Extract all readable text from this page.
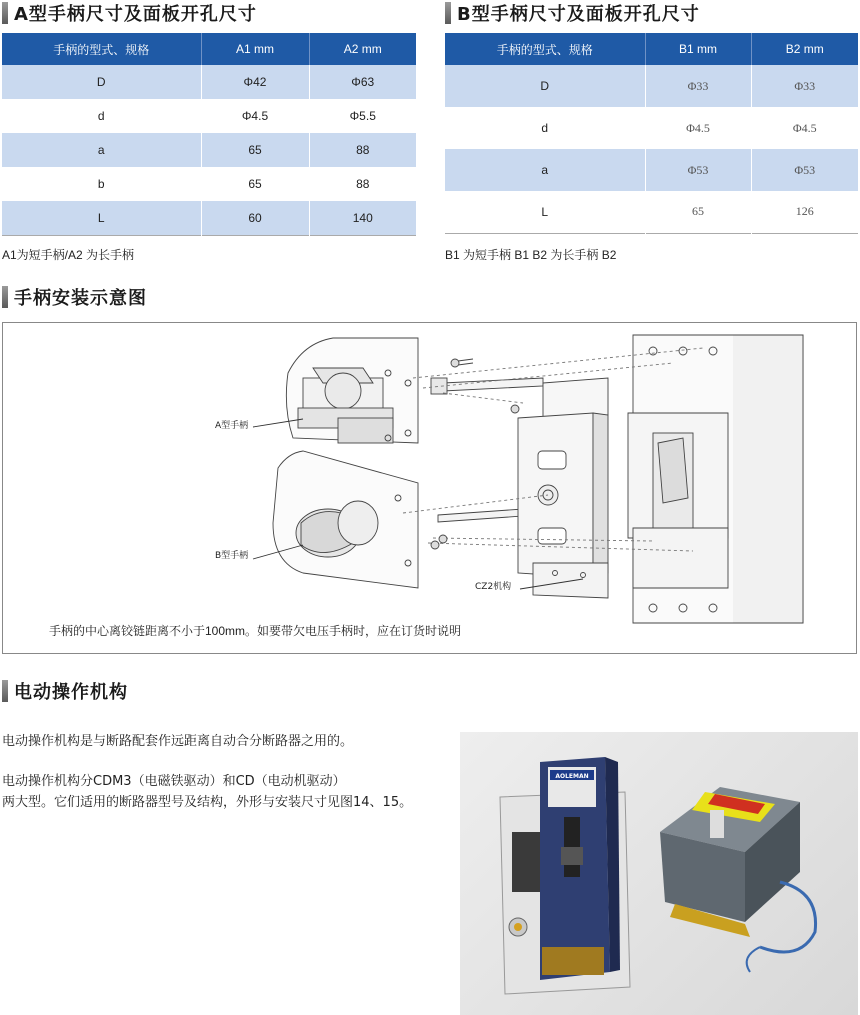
A型手柄尺寸及面板开孔尺寸	B型手柄尺寸及面板开孔尺寸
手柄的型式、规格	A1 mm	A2 mm
D	Φ42	Φ63
d	Φ4.5	Φ5.5
a	65	88
b	65	88
L	60	140
手柄的型式、规格	B1 mm	B2 mm
D	Φ33	Φ33
d	Φ4.5	Φ4.5
a	Φ53	Φ53
L	65	126
A1为短手柄/A2 为长手柄	B1 为短手柄 B1 B2 为长手柄 B2
手柄安装示意图
A型手柄
B型手柄
CZ2机构
手柄的中心离铰链距离不小于100mm。如要带欠电压手柄时，应在订货时说明
电动操作机构
电动操作机构是与断路配套作远距离自动合分断路器之用的。
电动操作机构分CDM3（电磁铁驱动）和CD（电动机驱动）
两大型。它们适用的断路器型号及结构，外形与安装尺寸见图14、15。
AOLEMAN
